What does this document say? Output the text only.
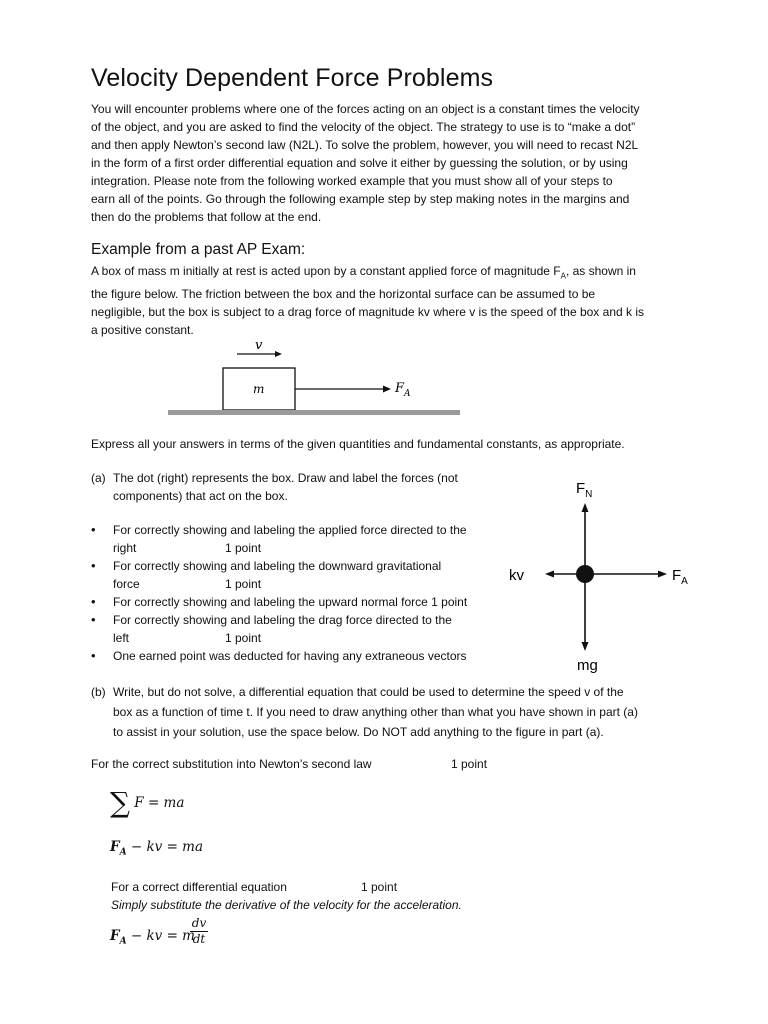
Velocity Dependent Force Problems
You will encounter problems where one of the forces acting on an object is a constant times the velocity
of the object, and you are asked to find the velocity of the object. The strategy to use is to “make a dot”
and then apply Newton’s second law (N2L). To solve the problem, however, you will need to recast N2L
in the form of a first order differential equation and solve it either by guessing the solution, or by using
integration. Please note from the following worked example that you must show all of your steps to
earn all of the points. Go through the following example step by step making notes in the margins and
then do the problems that follow at the end.
Example from a past AP Exam:
A box of mass m initially at rest is acted upon by a constant applied force of magnitude $F_A$, as shown in
the figure below. The friction between the box and the horizontal surface can be assumed to be
negligible, but the box is subject to a drag force of magnitude kv where v is the speed of the box and k is
a positive constant.
v
m	$F_A$

Express all your answers in terms of the given quantities and fundamental constants, as appropriate.

(a) The dot (right) represents the box. Draw and label the forces (not
components) that act on the box.
• For correctly showing and labeling the applied force directed to the
right	1 point
• For correctly showing and labeling the downward gravitational
force	1 point
• For correctly showing and labeling the upward normal force 1 point
• For correctly showing and labeling the drag force directed to the
left	1 point
• One earned point was deducted for having any extraneous vectors
$F_N$
kv	$F_A$
mg
(b) Write, but do not solve, a differential equation that could be used to determine the speed v of the
box as a function of time t. If you need to draw anything other than what you have shown in part (a)
to assist in your solution, use the space below. Do NOT add anything to the figure in part (a).
For the correct substitution into Newton’s second law	1 point
∑ F = ma
$F_A$ − kv = ma
For a correct differential equation	1 point

Simply substitute the derivative of the velocity for the acceleration.

$F_A$ − kv = m
dv
dt
